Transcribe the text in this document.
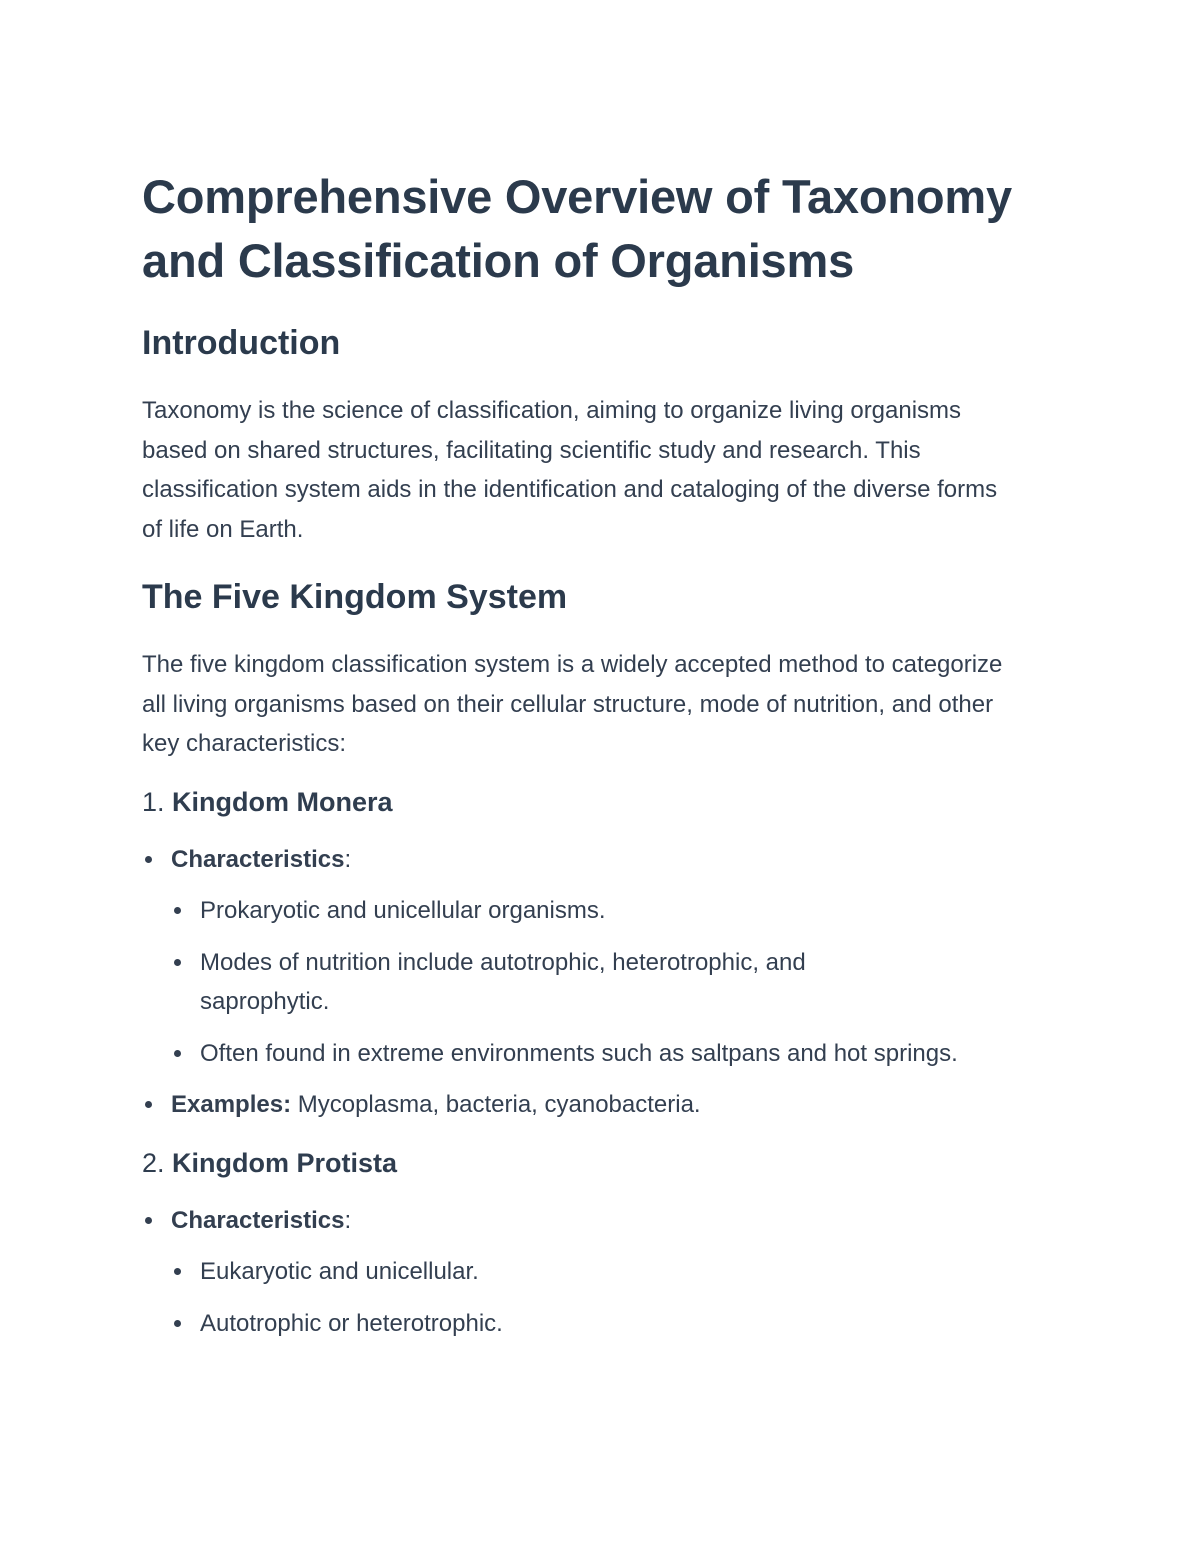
Comprehensive Overview of Taxonomy and Classification of Organisms
Introduction

Taxonomy is the science of classification, aiming to organize living organisms based on shared structures, facilitating scientific study and research. This classification system aids in the identification and cataloging of the diverse forms of life on Earth.

The Five Kingdom System

The five kingdom classification system is a widely accepted method to categorize all living organisms based on their cellular structure, mode of nutrition, and other key characteristics:

1. Kingdom Monera
Characteristics:
Prokaryotic and unicellular organisms.
Modes of nutrition include autotrophic, heterotrophic, and saprophytic.
Often found in extreme environments such as saltpans and hot springs.
Examples: Mycoplasma, bacteria, cyanobacteria.
2. Kingdom Protista
Characteristics:
Eukaryotic and unicellular.
Autotrophic or heterotrophic.
